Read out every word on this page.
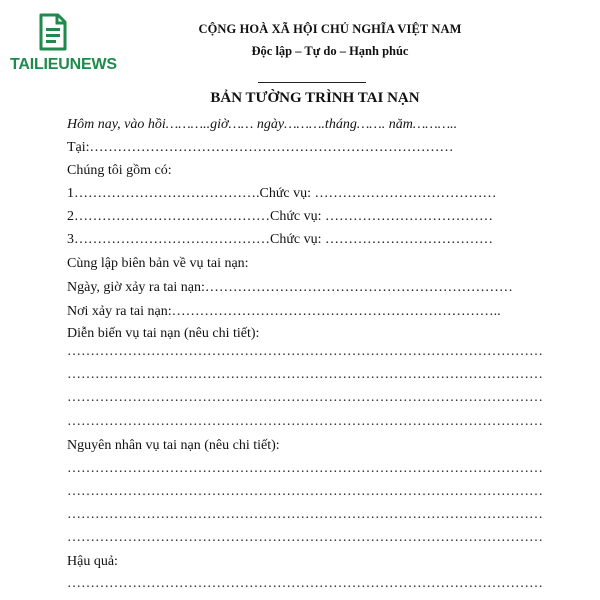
TAILIEUNEWS
CỘNG HOÀ XÃ HỘI CHỦ NGHĨA VIỆT NAM
Độc lập – Tự do – Hạnh phúc
BẢN TƯỜNG TRÌNH TAI NẠN
Hôm nay, vào hồi………..giờ…… ngày……….tháng……. năm………..
Tại:……………………………………………………………………
Chúng tôi gồm có:
1………………………………….Chức vụ: …………………………………
2……………………………………Chức vụ: ………………………………
3……………………………………Chức vụ: ………………………………
Cùng lập biên bản về vụ tai nạn:
Ngày, giờ xảy ra tai nạn:…………………………………………………………
Nơi xảy ra tai nạn:……………………………………………………………..
Diễn biến vụ tai nạn (nêu chi tiết):
…………………………………………………………………………………………
…………………………………………………………………………………………
…………………………………………………………………………………………
…………………………………………………………………………………………
Nguyên nhân vụ tai nạn (nêu chi tiết):
…………………………………………………………………………………………
…………………………………………………………………………………………
…………………………………………………………………………………………
…………………………………………………………………………………………
Hậu quả:
…………………………………………………………………………………………
